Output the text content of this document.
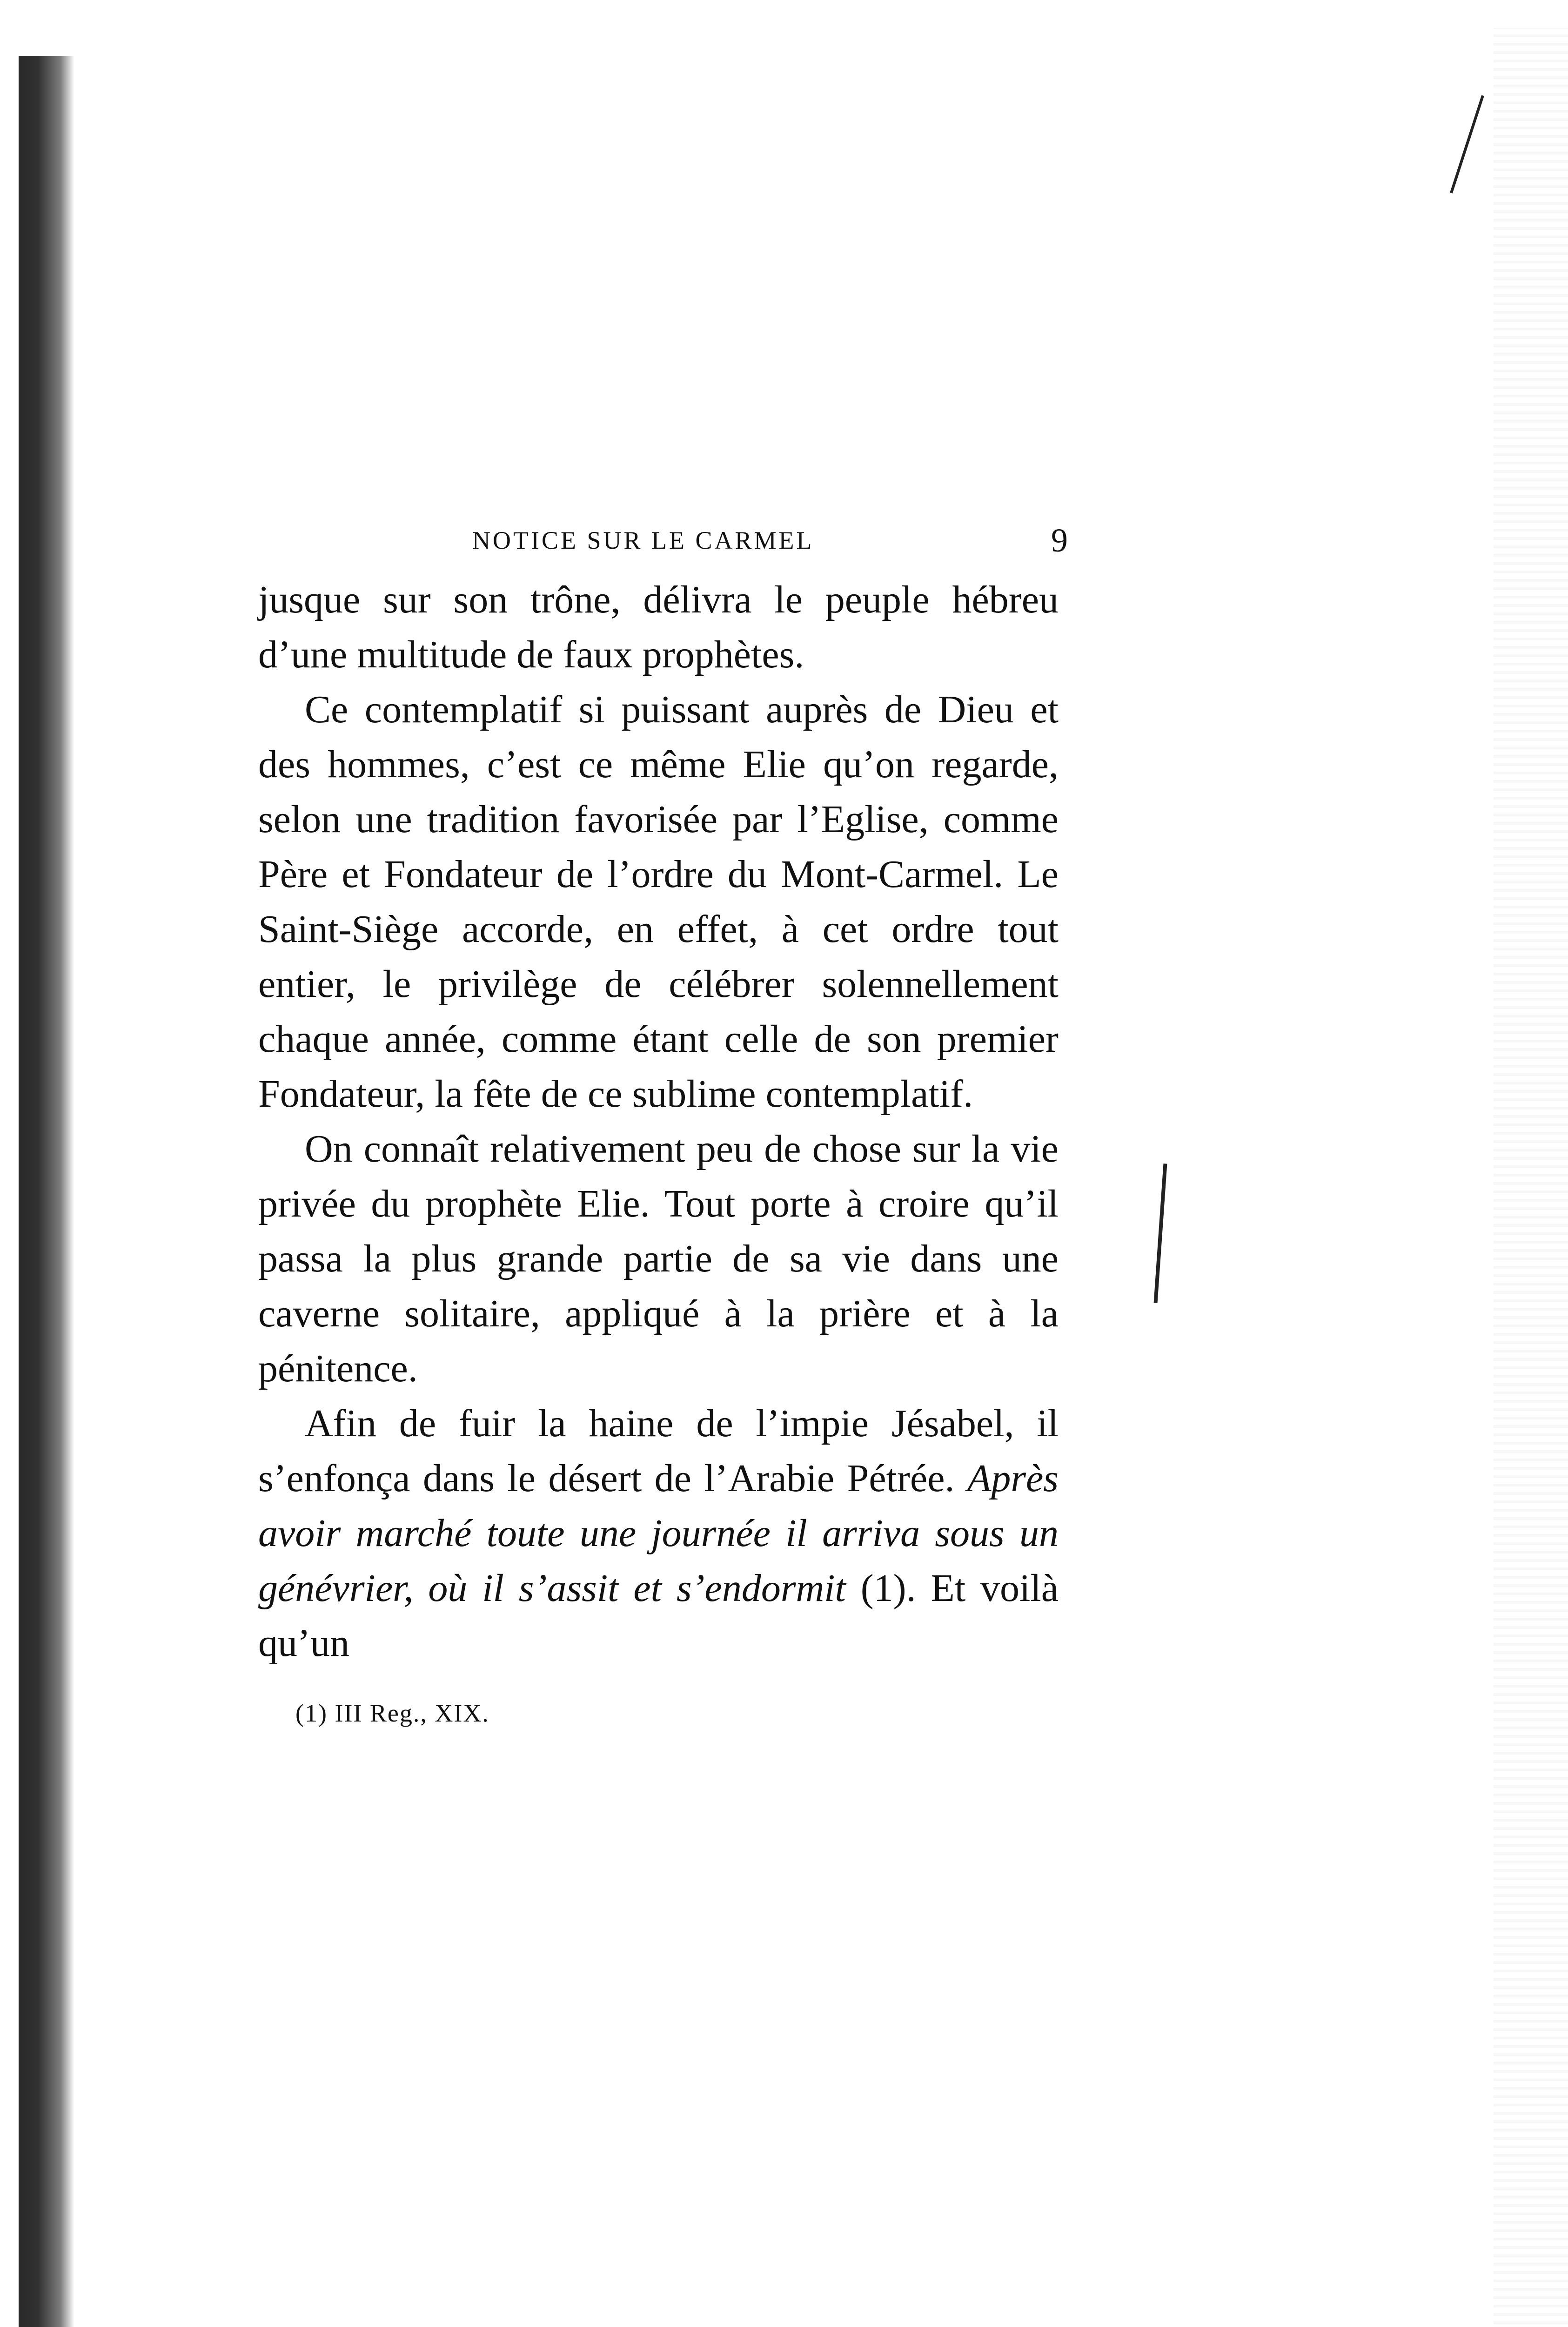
NOTICE SUR LE CARMEL	9

jusque sur son trône, délivra le peuple hébreu d’une multitude de faux prophètes.

Ce contemplatif si puissant auprès de Dieu et des hommes, c’est ce même Elie qu’on regarde, selon une tradition favorisée par l’Eglise, comme Père et Fondateur de l’ordre du Mont-Carmel. Le Saint-Siège accorde, en effet, à cet ordre tout entier, le privilège de célébrer solennellement chaque année, comme étant celle de son premier Fondateur, la fête de ce sublime contemplatif.

On connaît relativement peu de chose sur la vie privée du prophète Elie. Tout porte à croire qu’il passa la plus grande partie de sa vie dans une caverne solitaire, appliqué à la prière et à la pénitence.

Afin de fuir la haine de l’impie Jésabel, il s’enfonça dans le désert de l’Arabie Pétrée. Après avoir marché toute une journée il arriva sous un génévrier, où il s’assit et s’endormit (1). Et voilà qu’un

(1) III Reg., XIX.
